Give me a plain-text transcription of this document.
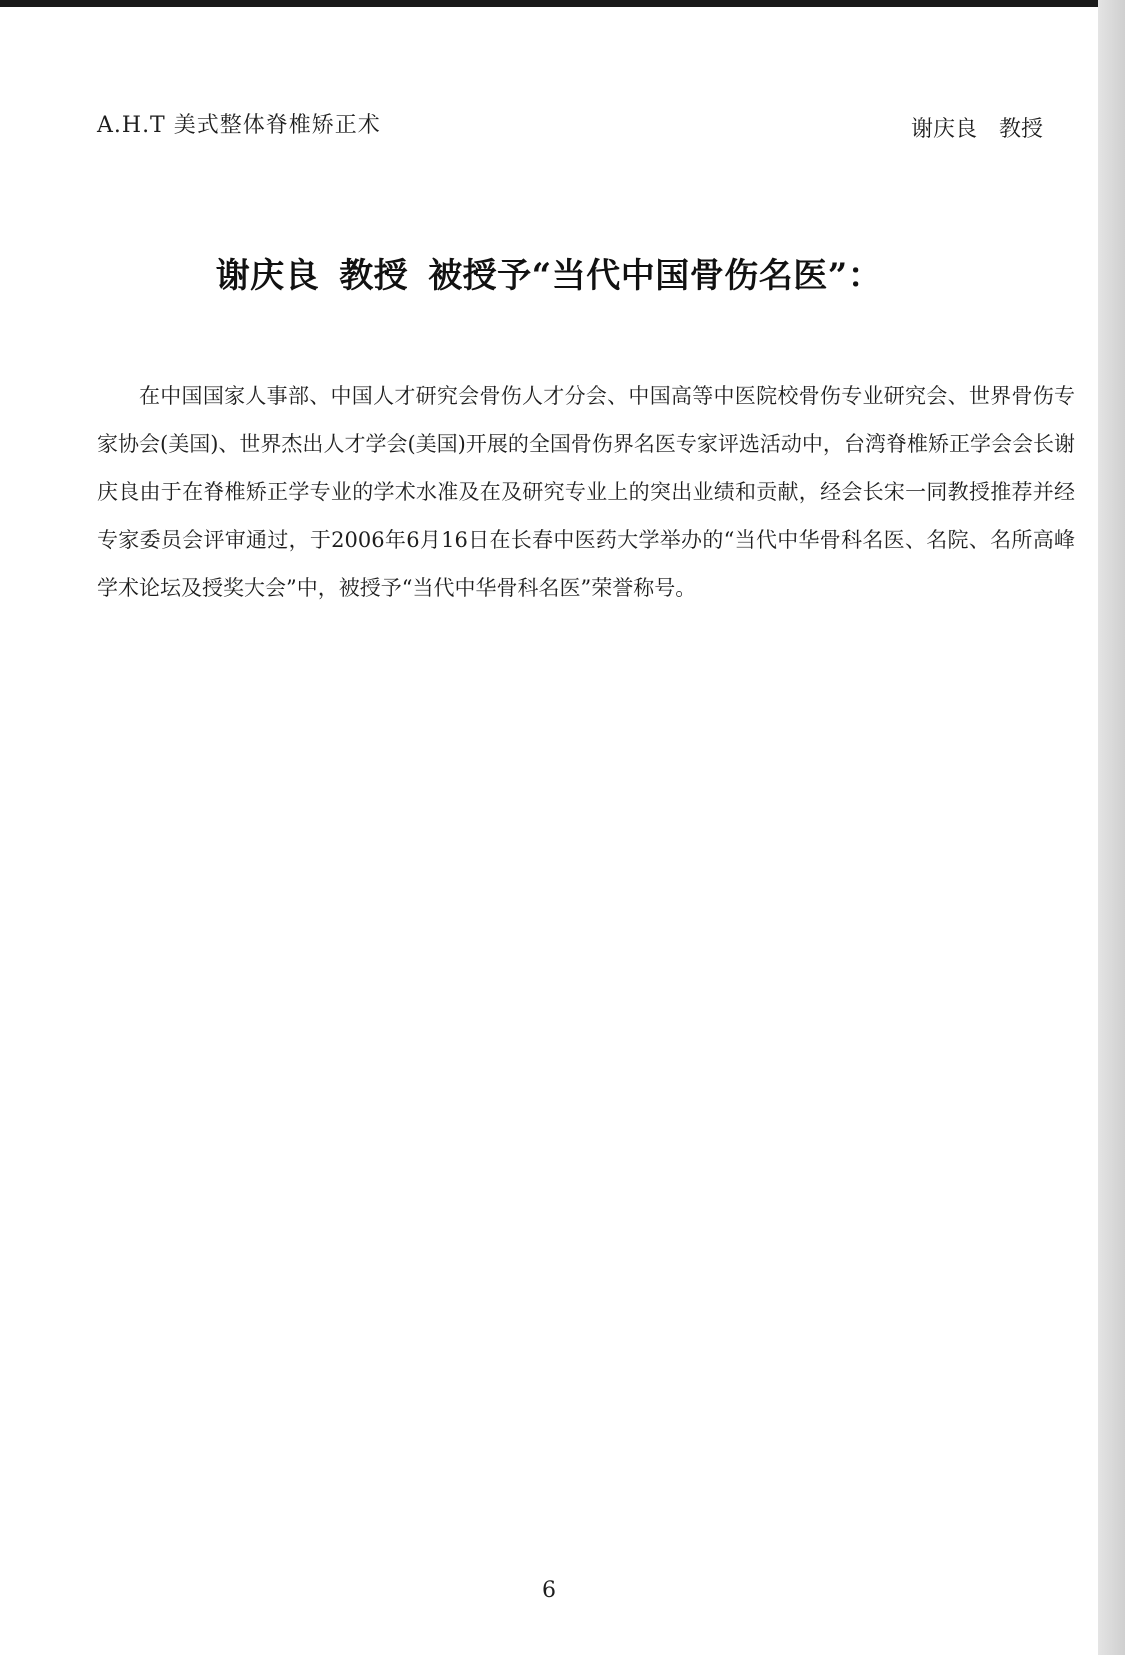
A.H.T 美式整体脊椎矫正术	谢庆良 教授
谢庆良 教授 被授予“当代中国骨伤名医”：

在中国国家人事部、中国人才研究会骨伤人才分会、中国高等中医院校骨伤专业研究会、世界骨伤专家协会(美国)、世界杰出人才学会(美国)开展的全国骨伤界名医专家评选活动中，台湾脊椎矫正学会会长谢庆良由于在脊椎矫正学专业的学术水准及在及研究专业上的突出业绩和贡献，经会长宋一同教授推荐并经专家委员会评审通过，于2006年6月16日在长春中医药大学举办的“当代中华骨科名医、名院、名所高峰学术论坛及授奖大会”中，被授予“当代中华骨科名医”荣誉称号。

6
